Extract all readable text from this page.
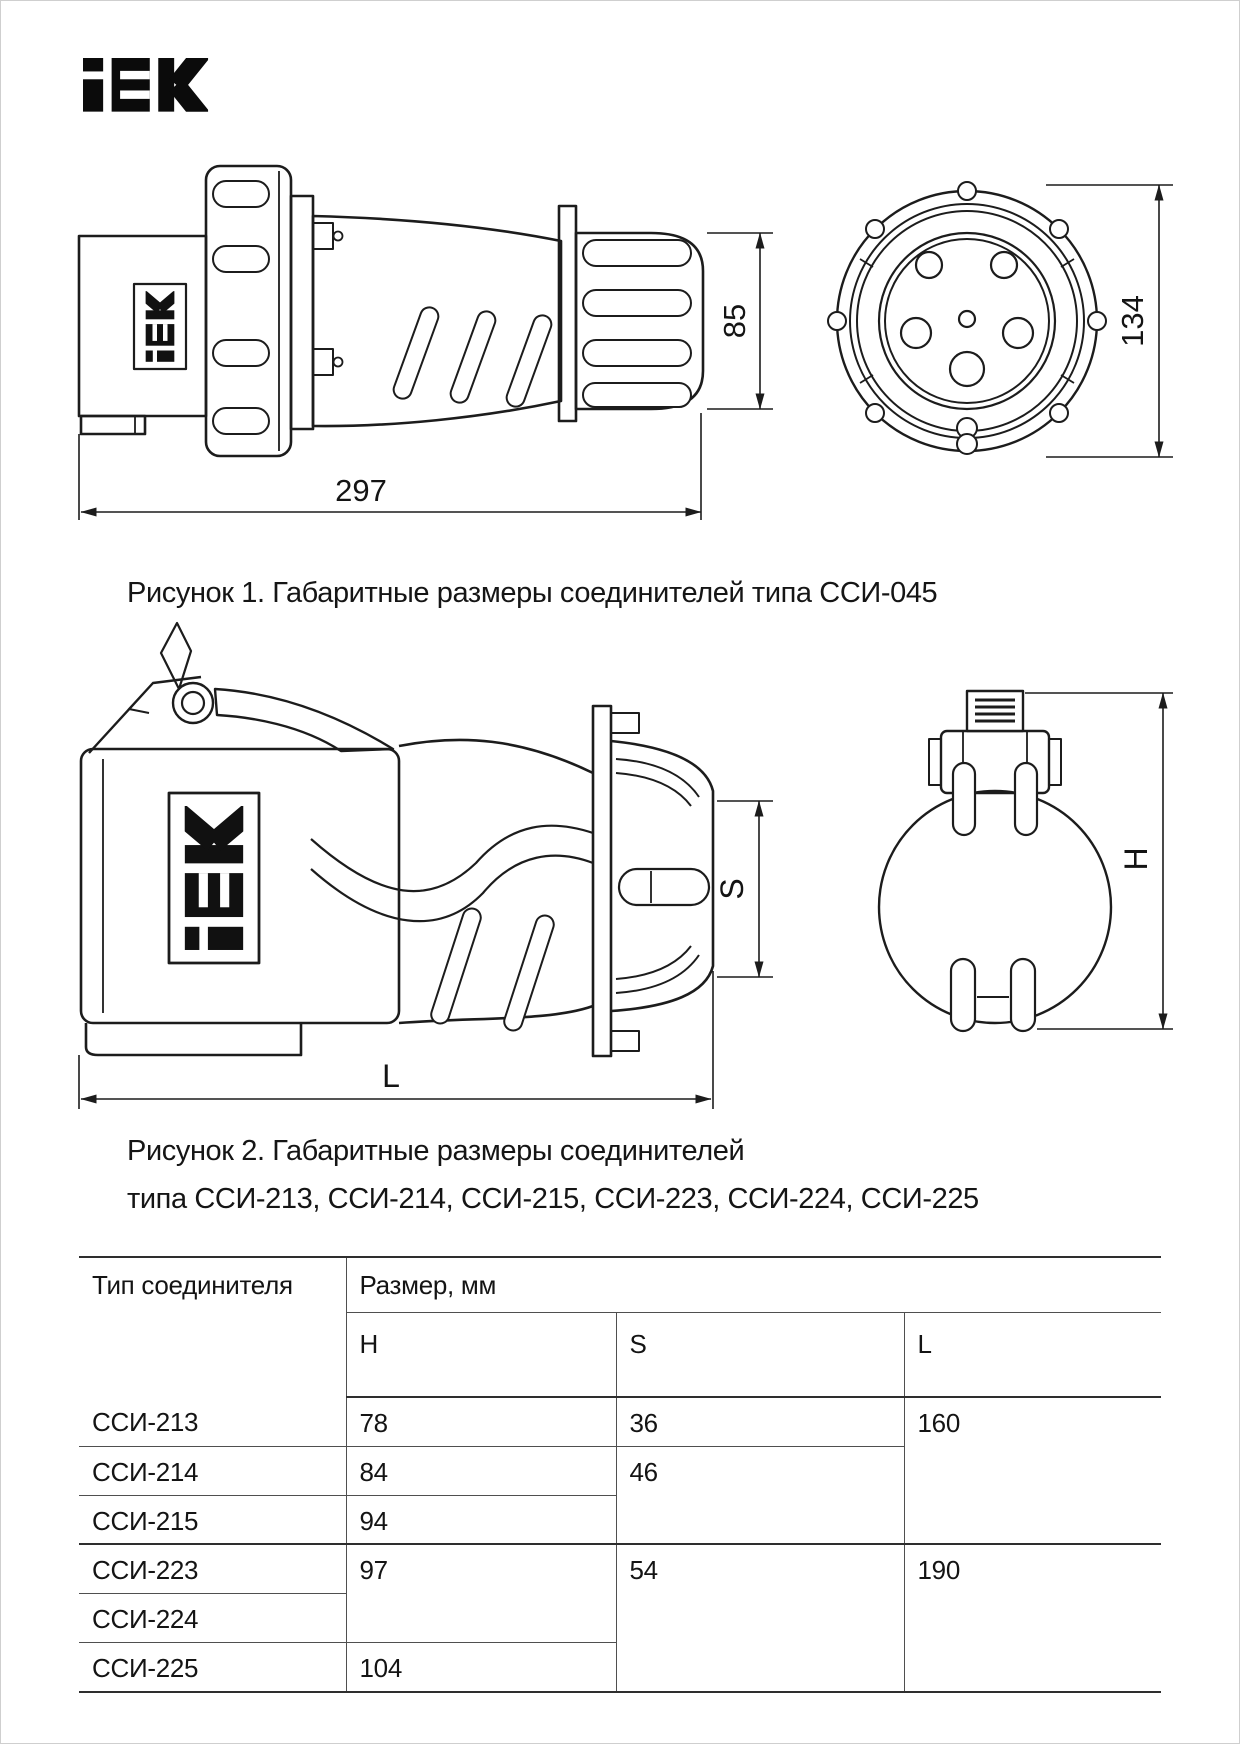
297
85	134
Рисунок 1. Габаритные размеры соединителей типа ССИ-045
L
S
H
Рисунок 2. Габаритные размеры соединителей
типа ССИ-213, ССИ-214, ССИ-215, ССИ-223, ССИ-224, ССИ-225
Тип соединителя	Размер, мм		
	H	S	L
ССИ-213	78	36	160
ССИ-214	84	46	
ССИ-215	94		
ССИ-223	97	54	190
ССИ-224			
ССИ-225	104		
